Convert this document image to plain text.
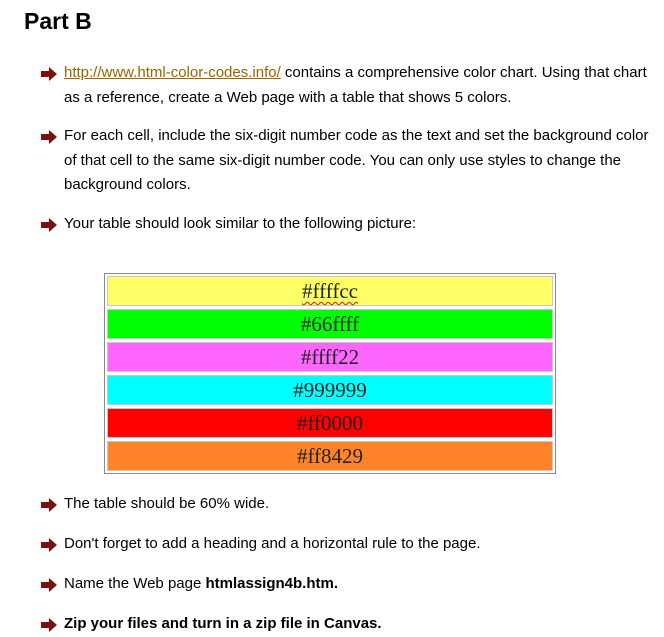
Part B
http://www.html-color-codes.info/ contains a comprehensive color chart. Using that chart as a reference, create a Web page with a table that shows 5 colors.
For each cell, include the six-digit number code as the text and set the background color of that cell to the same six-digit number code. You can only use styles to change the background colors.
Your table should look similar to the following picture:
#ffffcc
#66ffff
#ffff22
#999999
#ff0000
#ff8429
The table should be 60% wide.
Don't forget to add a heading and a horizontal rule to the page.
Name the Web page htmlassign4b.htm.
Zip your files and turn in a zip file in Canvas.
